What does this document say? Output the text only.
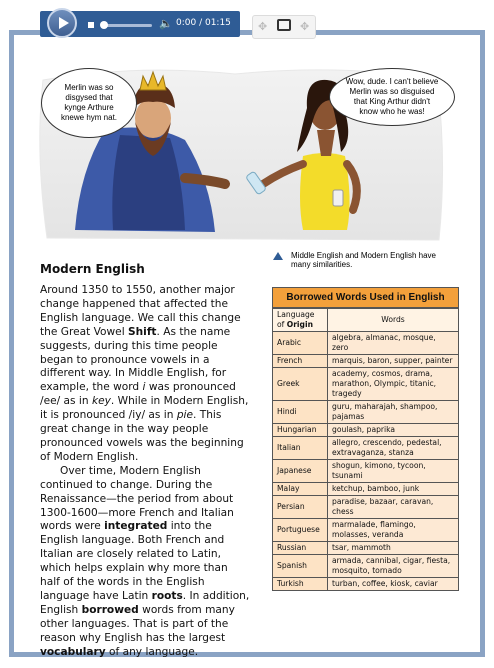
🔈 0:00 / 01:15 ✥	✥
Merlin was so disgysed that kynge Arthure knewe hym nat.
Wow, dude. I can't believe Merlin was so disguised that King Arthur didn't know who he was!
Middle English and Modern English have many similarities.
Modern English

Around 1350 to 1550, another major change happened that affected the English language. We call this change the Great Vowel Shift. As the name suggests, during this time people began to pronounce vowels in a different way. In Middle English, for example, the word i was pronounced /ee/ as in key. While in Modern English, it is pronounced /iy/ as in pie. This great change in the way people pronounced vowels was the beginning of Modern English.

Over time, Modern English continued to change. During the Renaissance—the period from about 1300-1600—more French and Italian words were integrated into the English language. Both French and Italian are closely related to Latin, which helps explain why more than half of the words in the English language have Latin roots. In addition, English borrowed words from many other languages. That is part of the reason why English has the largest vocabulary of any language.

Borrowed Words Used in English
Language
of Origin	Words
Arabic	algebra, almanac, mosque, zero
French	marquis, baron, supper, painter
Greek	academy, cosmos, drama, marathon, Olympic, titanic, tragedy
Hindi	guru, maharajah, shampoo, pajamas
Hungarian	goulash, paprika
Italian	allegro, crescendo, pedestal, extravaganza, stanza
Japanese	shogun, kimono, tycoon, tsunami
Malay	ketchup, bamboo, junk
Persian	paradise, bazaar, caravan, chess
Portuguese	marmalade, flamingo, molasses, veranda
Russian	tsar, mammoth
Spanish	armada, cannibal, cigar, fiesta, mosquito, tornado
Turkish	turban, coffee, kiosk, caviar
